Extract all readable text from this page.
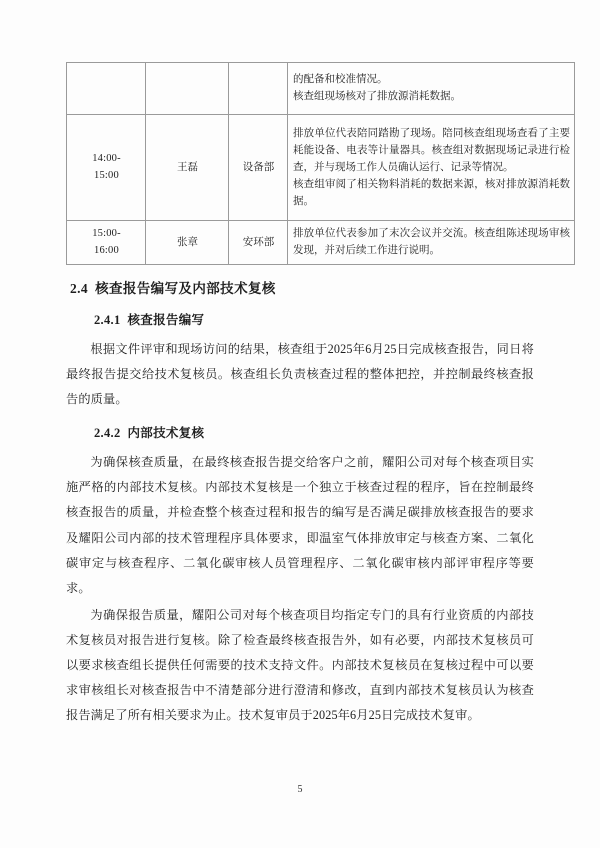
			的配备和校准情况。
核查组现场核对了排放源消耗数据。

14:00-
15:00	王磊	设备部	排放单位代表陪同踏勘了现场。陪同核查组现场查看了主要耗能设备、电表等计量器具。核查组对数据现场记录进行检查，并与现场工作人员确认运行、记录等情况。
核查组审阅了相关物料消耗的数据来源，核对排放源消耗数据。

15:00-
16:00	张章	安环部	排放单位代表参加了末次会议并交流。核查组陈述现场审核发现，并对后续工作进行说明。
2.4 核查报告编写及内部技术复核
2.4.1 核查报告编写

根据文件评审和现场访问的结果，核查组于2025年6月25日完成核查报告，同日将最终报告提交给技术复核员。核查组长负责核查过程的整体把控，并控制最终核查报告的质量。

2.4.2 内部技术复核

为确保核查质量，在最终核查报告提交给客户之前，耀阳公司对每个核查项目实施严格的内部技术复核。内部技术复核是一个独立于核查过程的程序，旨在控制最终核查报告的质量，并检查整个核查过程和报告的编写是否满足碳排放核查报告的要求及耀阳公司内部的技术管理程序具体要求，即温室气体排放审定与核查方案、二氧化碳审定与核查程序、二氧化碳审核人员管理程序、二氧化碳审核内部评审程序等要求。

为确保报告质量，耀阳公司对每个核查项目均指定专门的具有行业资质的内部技术复核员对报告进行复核。除了检查最终核查报告外，如有必要，内部技术复核员可以要求核查组长提供任何需要的技术支持文件。内部技术复核员在复核过程中可以要求审核组长对核查报告中不清楚部分进行澄清和修改，直到内部技术复核员认为核查报告满足了所有相关要求为止。技术复审员于2025年6月25日完成技术复审。

5
